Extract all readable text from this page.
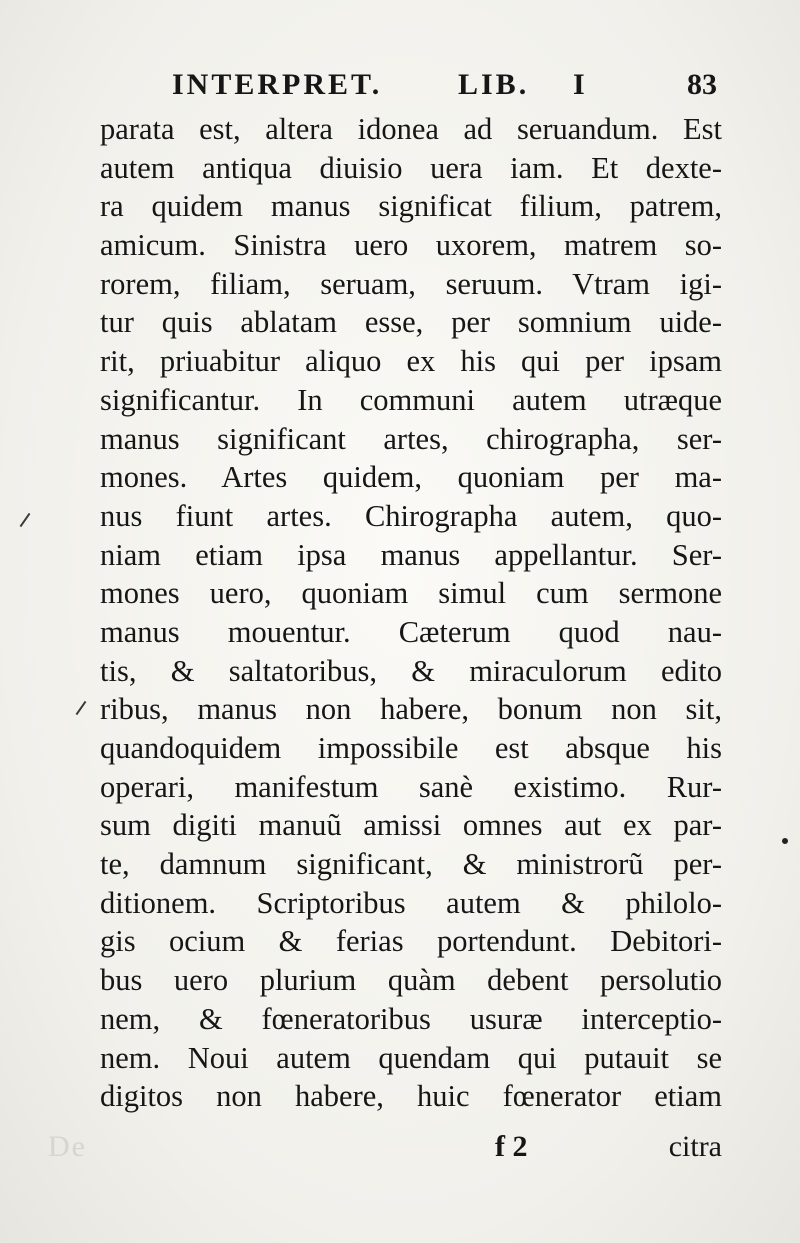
INTERPRET.	LIB. I	83
parata est, altera idonea ad seruandum. Est
autem antiqua diuisio uera iam. Et dexte-
ra quidem manus significat filium, patrem,
amicum. Sinistra uero uxorem, matrem so-
rorem, filiam, seruam, seruum. Vtram igi-
tur quis ablatam esse, per somnium uide-
rit, priuabitur aliquo ex his qui per ipsam
significantur. In communi autem utræque
manus significant artes, chirographa, ser-
mones. Artes quidem, quoniam per ma-
nus fiunt artes. Chirographa autem, quo-
niam etiam ipsa manus appellantur. Ser-
mones uero, quoniam simul cum sermone
manus mouentur. Cæterum quod nau-
tis, & saltatoribus, & miraculorum edito
ribus, manus non habere, bonum non sit,
quandoquidem impossibile est absque his
operari, manifestum sanè existimo. Rur-
sum digiti manuũ amissi omnes aut ex par-
te, damnum significant, & ministrorũ per-
ditionem. Scriptoribus autem & philolo-
gis ocium & ferias portendunt. Debitori-
bus uero plurium quàm debent persolutio
nem, & fœneratoribus usuræ interceptio-
nem. Noui autem quendam qui putauit se
digitos non habere, huic fœnerator etiam
De	f 2	citra
